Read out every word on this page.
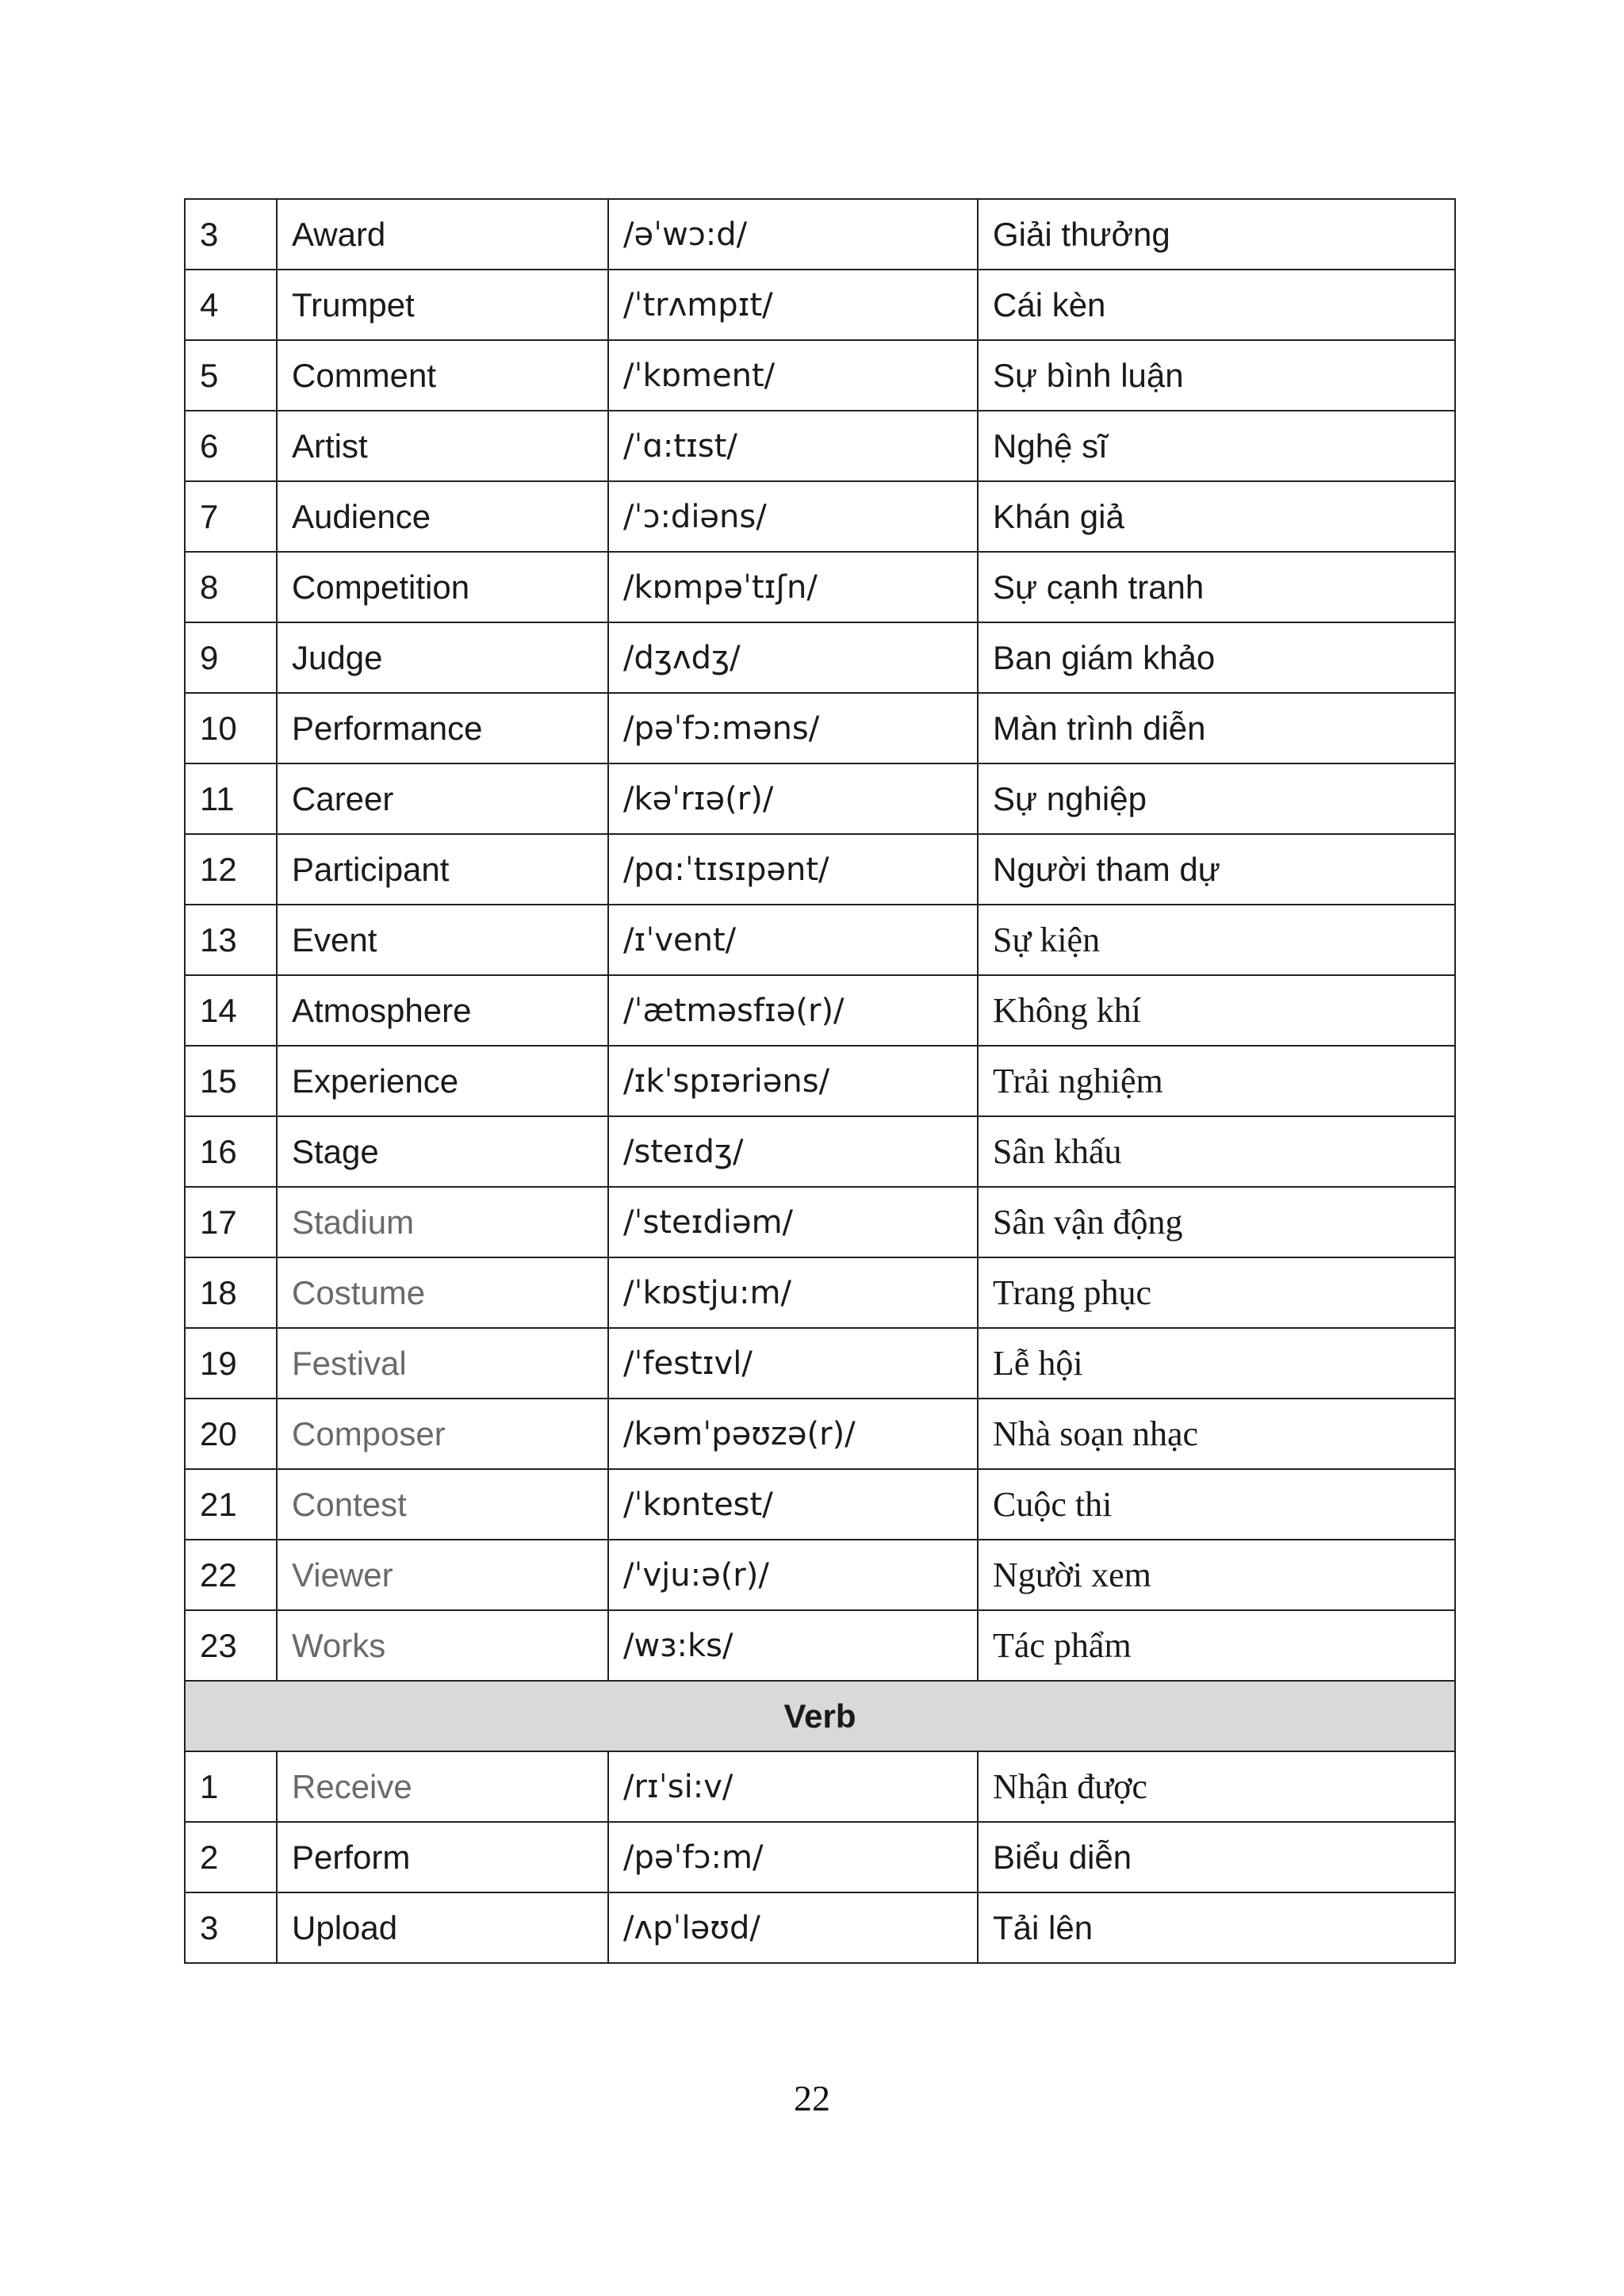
3	Award	/əˈwɔ:d/	Giải thưởng
4	Trumpet	/ˈtrʌmpɪt/	Cái kèn
5	Comment	/ˈkɒment/	Sự bình luận
6	Artist	/ˈɑ:tɪst/	Nghệ sĩ
7	Audience	/ˈɔ:diəns/	Khán giả
8	Competition	/kɒmpəˈtɪʃn/	Sự cạnh tranh
9	Judge	/dʒʌdʒ/	Ban giám khảo
10	Performance	/pəˈfɔ:məns/	Màn trình diễn
11	Career	/kəˈrɪə(r)/	Sự nghiệp
12	Participant	/pɑ:ˈtɪsɪpənt/	Người tham dự
13	Event	/ɪˈvent/	Sự kiện
14	Atmosphere	/ˈætməsfɪə(r)/	Không khí
15	Experience	/ɪkˈspɪəriəns/	Trải nghiệm
16	Stage	/steɪdʒ/	Sân khấu
17	Stadium	/ˈsteɪdiəm/	Sân vận động
18	Costume	/ˈkɒstju:m/	Trang phục
19	Festival	/ˈfestɪvl/	Lễ hội
20	Composer	/kəmˈpəʊzə(r)/	Nhà soạn nhạc
21	Contest	/ˈkɒntest/	Cuộc thi
22	Viewer	/ˈvju:ə(r)/	Người xem
23	Works	/wɜ:ks/	Tác phẩm
Verb			
1	Receive	/rɪˈsi:v/	Nhận được
2	Perform	/pəˈfɔ:m/	Biểu diễn
3	Upload	/ʌpˈləʊd/	Tải lên
22
